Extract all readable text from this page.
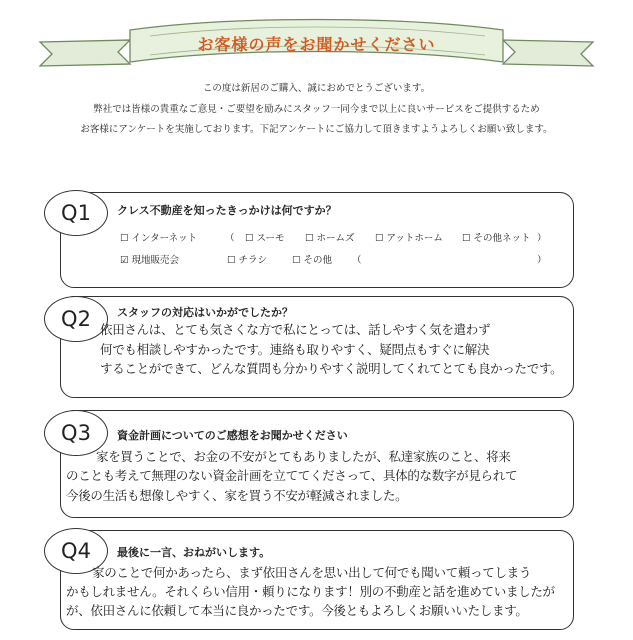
お客様の声をお聞かせください
この度は新居のご購入、誠におめでとうございます。
弊社では皆様の貴重なご意見・ご要望を励みにスタッフ一同今まで以上に良いサービスをご提供するため
お客様にアンケートを実施しております。下記アンケートにご協力して頂きますようよろしくお願い致します。
Q1	クレス不動産を知ったきっかけは何ですか？
☐ インターネット	（ ☐ スーモ ☐ ホームズ ☐ アットホーム ☐ その他ネット ）
☑ 現地販売会	☐ チラシ	☐ その他 （	）
Q2	スタッフの対応はいかがでしたか？
依田さんは、とても気さくな方で私にとっては、話しやすく気を遣わず
何でも相談しやすかったです。連絡も取りやすく、疑問点もすぐに解決
することができて、どんな質問も分かりやすく説明してくれてとても良かったです。
Q3	資金計画についてのご感想をお聞かせください
家を買うことで、お金の不安がとてもありましたが、私達家族のこと、将来
のことも考えて無理のない資金計画を立ててくださって、具体的な数字が見られて
今後の生活も想像しやすく、家を買う不安が軽減されました。
Q4	最後に一言、おねがいします。
家のことで何かあったら、まず依田さんを思い出して何でも聞いて頼ってしまう
かもしれません。それくらい信用・頼りになります！別の不動産と話を進めていましたが
が、依田さんに依頼して本当に良かったです。今後ともよろしくお願いいたします。
